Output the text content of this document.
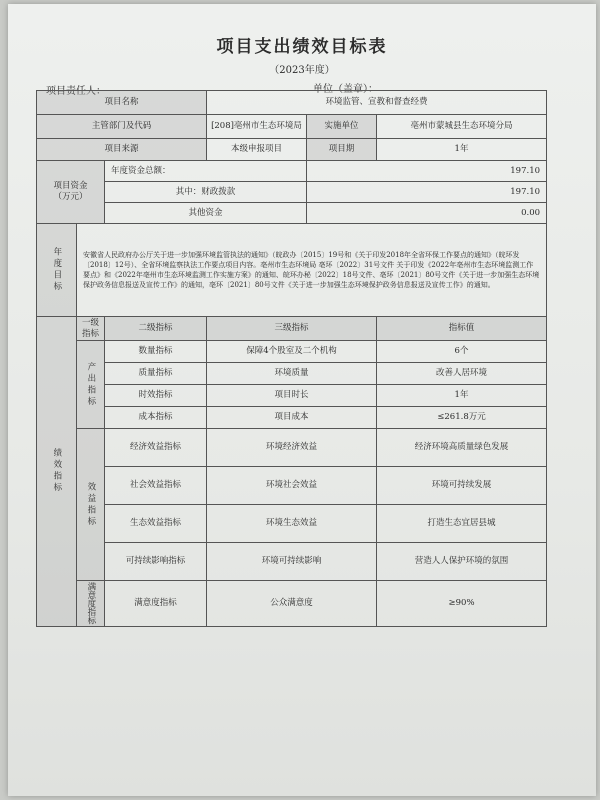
项目支出绩效目标表
（2023年度）
项目责任人：	单位（盖章）：
项目名称			环境监管、宣教和督查经费		
主管部门及代码			[208]亳州市生态环境局	实施单位	亳州市蒙城县生态环境分局
项目来源			本级申报项目	项目期	1年
项目资金
（万元）		年度资金总额：		197.10	
		其中：财政拨款		197.10	
		其他资金		0.00	

年度目标	安徽省人民政府办公厅关于进一步加强环境监管执法的通知》（皖政办〔2015〕19号和《关于印发2018年全省环保工作要点的通知》（皖环发〔2018〕12号）、全省环境监察执法工作要点项目内容。亳州市生态环境局 亳环〔2022〕31号文件 关于印发《2022年亳州市生态环境监测工作要点》和《2022年亳州市生态环境监测工作实施方案》的通知、皖环办秘〔2022〕18号文件、亳环〔2021〕80号文件《关于进一步加强生态环境保护政务信息报送及宣传工作》的通知，亳环〔2021〕80号文件《关于进一步加强生态环境保护政务信息报送及宣传工作》的通知。				

绩效指标	一级指标	二级指标	三级指标		指标值

	产出指标	数量指标	保障4个股室及二个机构		6个
		质量指标	环境质量		改善人居环境
		时效指标	项目时长		1年
		成本指标	项目成本		≤261.8万元

	效益指标	经济效益指标	环境经济效益		经济环境高质量绿色发展
		社会效益指标	环境社会效益		环境可持续发展
		生态效益指标	环境生态效益		打造生态宜居县城
		可持续影响指标	环境可持续影响		营造人人保护环境的氛围

	满意度指标	满意度指标	公众满意度		≥90%
